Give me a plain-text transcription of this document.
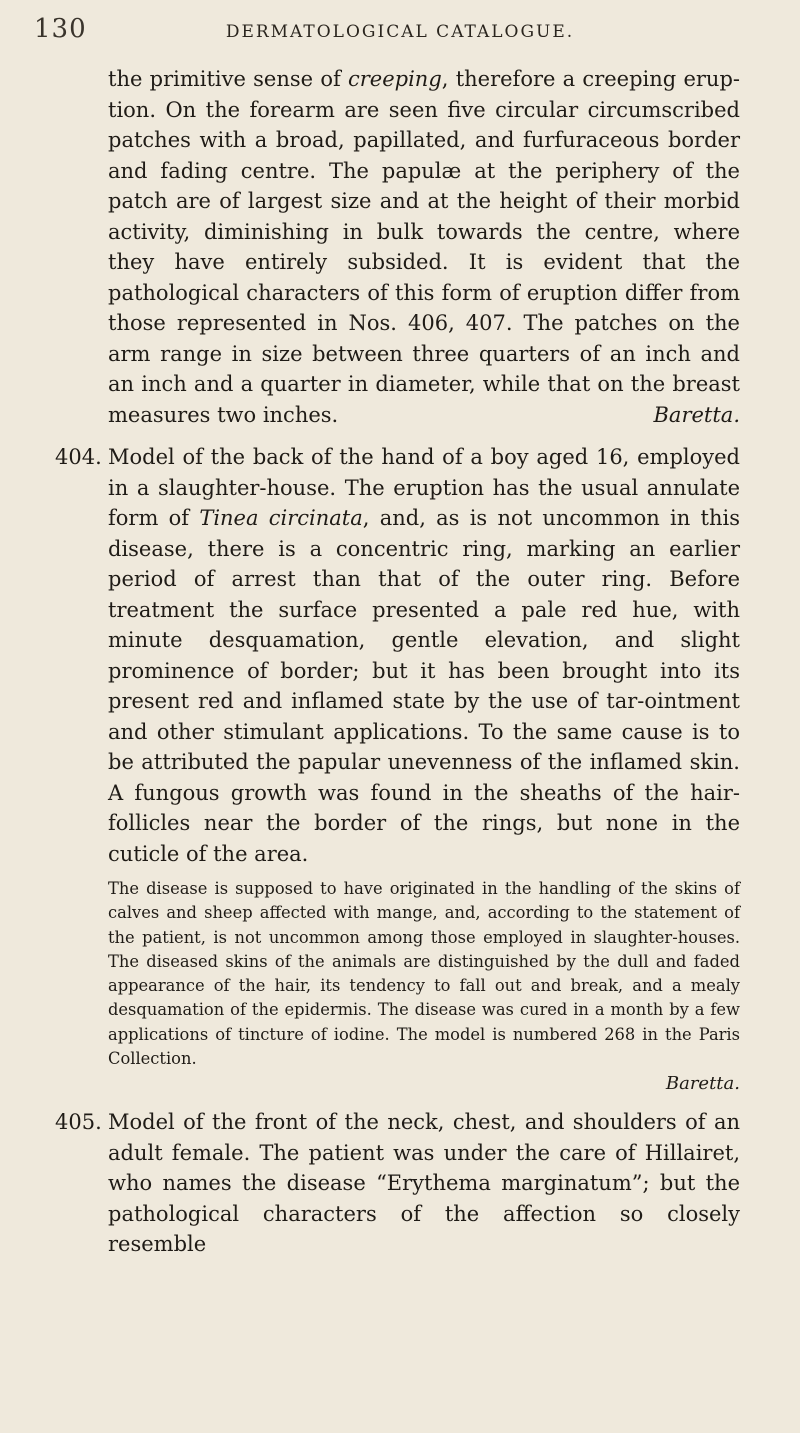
130	DERMATOLOGICAL CATALOGUE.

the primitive sense of creeping, therefore a creeping eruption. On the forearm are seen five circular circumscribed patches with a broad, papillated, and furfuraceous border and fading centre. The papulæ at the periphery of the patch are of largest size and at the height of their morbid activity, diminishing in bulk towards the centre, where they have entirely subsided. It is evident that the pathological characters of this form of eruption differ from those represented in Nos. 406, 407. The patches on the arm range in size between three quarters of an inch and an inch and a quarter in diameter, while that on the breast measures two inches.	Baretta.

404. Model of the back of the hand of a boy aged 16, employed in a slaughter-house. The eruption has the usual annulate form of Tinea circinata, and, as is not uncommon in this disease, there is a concentric ring, marking an earlier period of arrest than that of the outer ring. Before treatment the surface presented a pale red hue, with minute desquamation, gentle elevation, and slight prominence of border; but it has been brought into its present red and inflamed state by the use of tar-ointment and other stimulant applications. To the same cause is to be attributed the papular unevenness of the inflamed skin. A fungous growth was found in the sheaths of the hair-follicles near the border of the rings, but none in the cuticle of the area.

The disease is supposed to have originated in the handling of the skins of calves and sheep affected with mange, and, according to the statement of the patient, is not uncommon among those employed in slaughter-houses. The diseased skins of the animals are distinguished by the dull and faded appearance of the hair, its tendency to fall out and break, and a mealy desquamation of the epidermis. The disease was cured in a month by a few applications of tincture of iodine. The model is numbered 268 in the Paris Collection.

Baretta.
405. Model of the front of the neck, chest, and shoulders of an adult female. The patient was under the care of Hillairet, who names the disease “Erythema marginatum”; but the pathological characters of the affection so closely resemble
